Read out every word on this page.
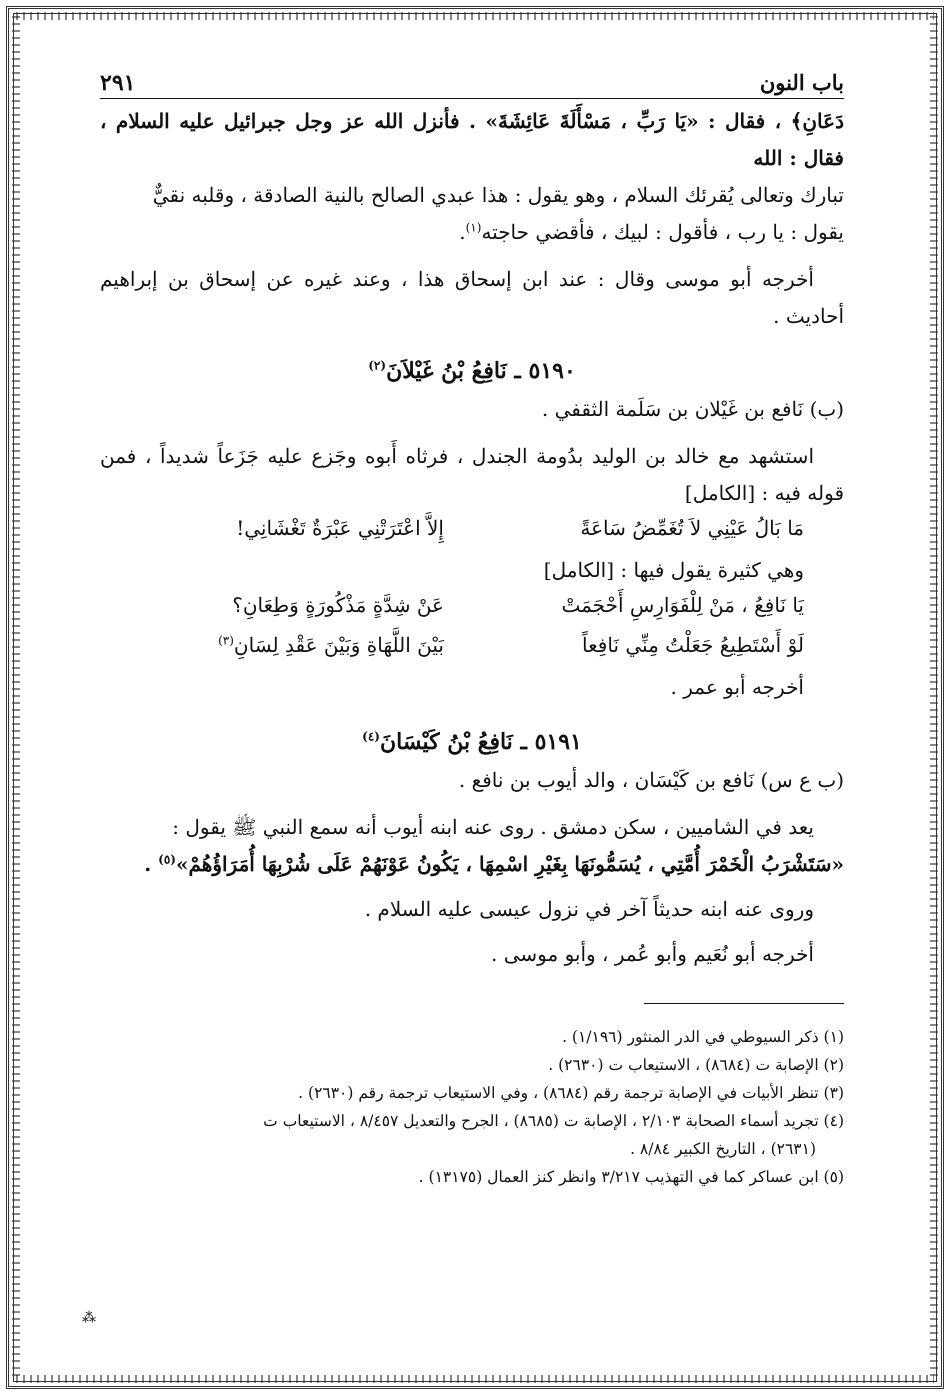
باب النون
٢٩١

دَعَانِ﴾ ، فقال : «يَا رَبِّ ، مَسْأَلَةَ عَائِشَةَ» . فأنزل الله عز وجل جبرائيل عليه السلام ، فقال : الله

تبارك وتعالى يُقرئك السلام ، وهو يقول : هذا عبدي الصالح بالنية الصادقة ، وقلبه نقيٌّ

يقول : يا رب ، فأقول : لبيك ، فأقضي حاجته$^{(١)}$.

أخرجه أبو موسى وقال : عند ابن إسحاق هذا ، وعند غيره عن إسحاق بن إبراهيم أحاديث .

٥١٩٠ ـ نَافِعُ بْنُ غَيْلاَنَ$^{(٢)}$

(ب) نَافع بن غَيْلان بن سَلَمة الثقفي .

استشهد مع خالد بن الوليد بدُومة الجندل ، فرثاه أَبوه وجَزع عليه جَزَعاً شديداً ، فمن قوله فيه : [الكامل]

مَا بَالُ عَيْنِي لاَ تُغَمِّضُ سَاعَةً
إِلاَّ اعْتَرَتْنِي عَبْرَةٌ تَغْشَانِي!

وهي كثيرة يقول فيها : [الكامل]

يَا نَافِعُ ، مَنْ لِلْفَوَارِسِ أَحْجَمَتْ
عَنْ شِدَّةٍ مَذْكُورَةٍ وَطِعَانِ؟
لَوْ أَسْتَطِيعُ جَعَلْتُ مِنِّي نَافِعاً
بَيْنَ اللَّهَاةِ وَبَيْنَ عَقْدِ لِسَانِ$^{(٣)}$

أخرجه أبو عمر .

٥١٩١ ـ نَافِعُ بْنُ كَيْسَانَ$^{(٤)}$

(ب ع س) نَافع بن كَيْسَان ، والد أيوب بن نافع .

يعد في الشاميين ، سكن دمشق . روى عنه ابنه أيوب أنه سمع النبي ﷺ يقول :

«سَتَشْرَبُ الْخَمْرَ أُمَّتِي ، يُسَمُّونَهَا بِغَيْرِ اسْمِهَا ، يَكُونُ عَوْنَهُمْ عَلَى شُرْبِهَا أُمَرَاؤُهُمْ»$^{(٥)}$ .

وروى عنه ابنه حديثاً آخر في نزول عيسى عليه السلام .

أخرجه أبو نُعَيم وأبو عُمر ، وأبو موسى .

(١) ذكر السيوطي في الدر المنثور (١/١٩٦) .

(٢) الإصابة ت (٨٦٨٤) ، الاستيعاب ت (٢٦٣٠) .

(٣) تنظر الأبيات في الإصابة ترجمة رقم (٨٦٨٤) ، وفي الاستيعاب ترجمة رقم (٢٦٣٠) .

(٤) تجريد أسماء الصحابة ٢/١٠٣ ، الإصابة ت (٨٦٨٥) ، الجرح والتعديل ٨/٤٥٧ ، الاستيعاب ت

(٢٦٣١) ، التاريخ الكبير ٨/٨٤ .

(٥) ابن عساكر كما في التهذيب ٣/٢١٧ وانظر كنز العمال (١٣١٧٥) .

⁂
